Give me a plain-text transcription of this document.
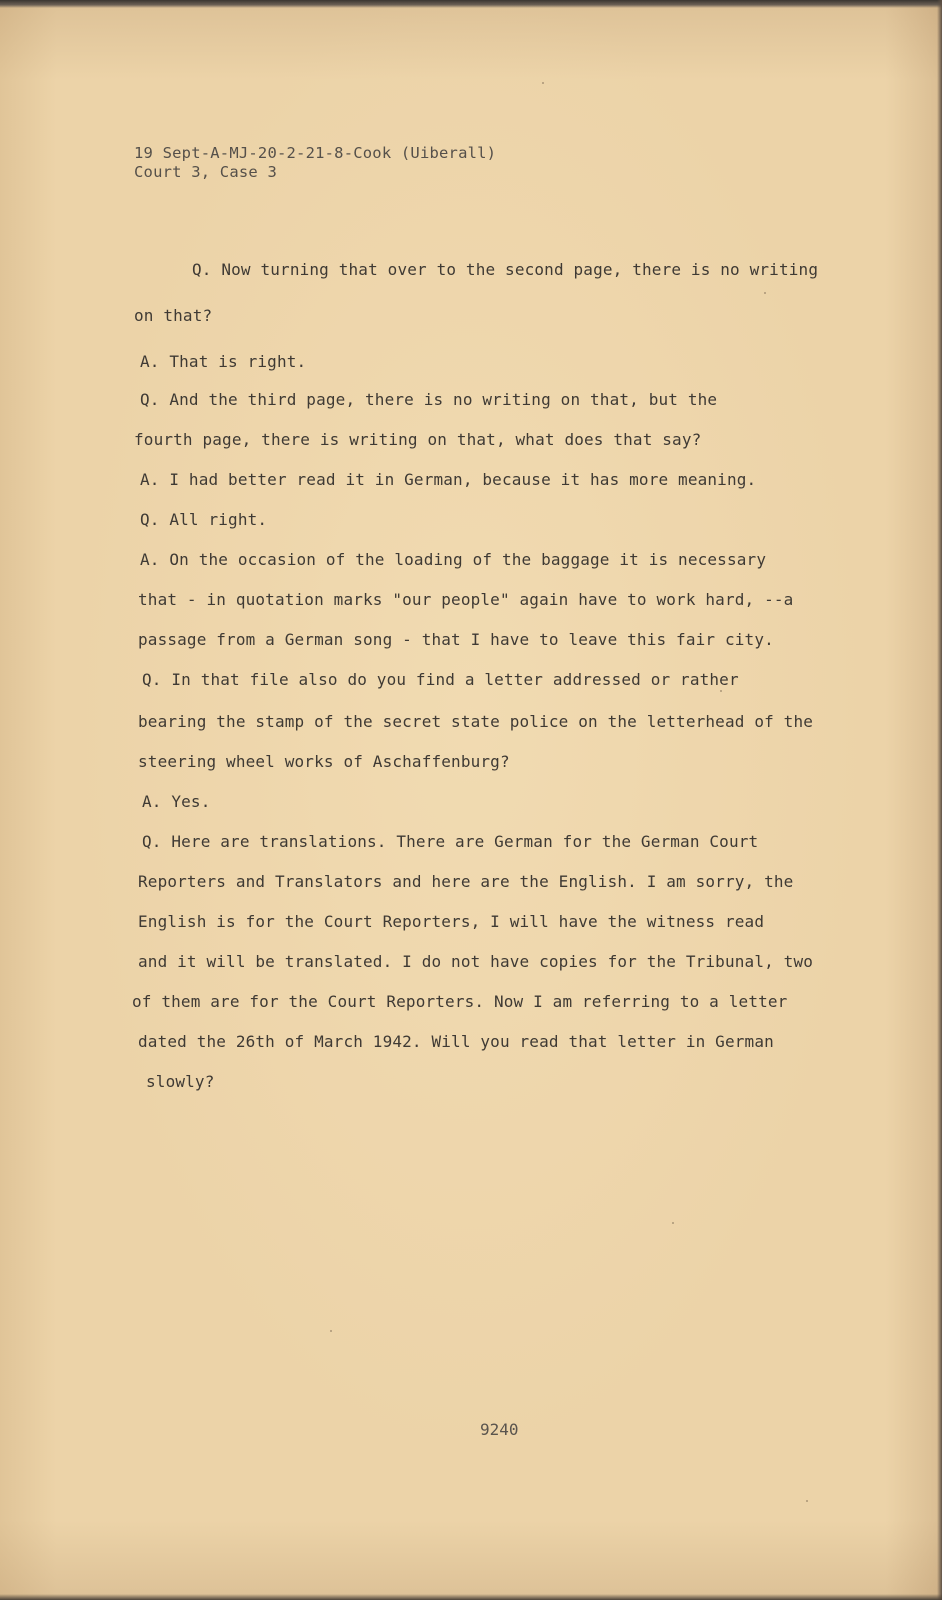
19 Sept-A-MJ-20-2-21-8-Cook (Uiberall)
Court 3, Case 3
Q. Now turning that over to the second page, there is no writing
on that?
A. That is right.
Q. And the third page, there is no writing on that, but the
fourth page, there is writing on that, what does that say?
A. I had better read it in German, because it has more meaning.
Q. All right.
A. On the occasion of the loading of the baggage it is necessary
that - in quotation marks "our people" again have to work hard, --a
passage from a German song - that I have to leave this fair city.
Q. In that file also do you find a letter addressed or rather
bearing the stamp of the secret state police on the letterhead of the
steering wheel works of Aschaffenburg?
A. Yes.
Q. Here are translations. There are German for the German Court
Reporters and Translators and here are the English. I am sorry, the
English is for the Court Reporters, I will have the witness read
and it will be translated. I do not have copies for the Tribunal, two
of them are for the Court Reporters. Now I am referring to a letter
dated the 26th of March 1942. Will you read that letter in German
slowly?
9240
